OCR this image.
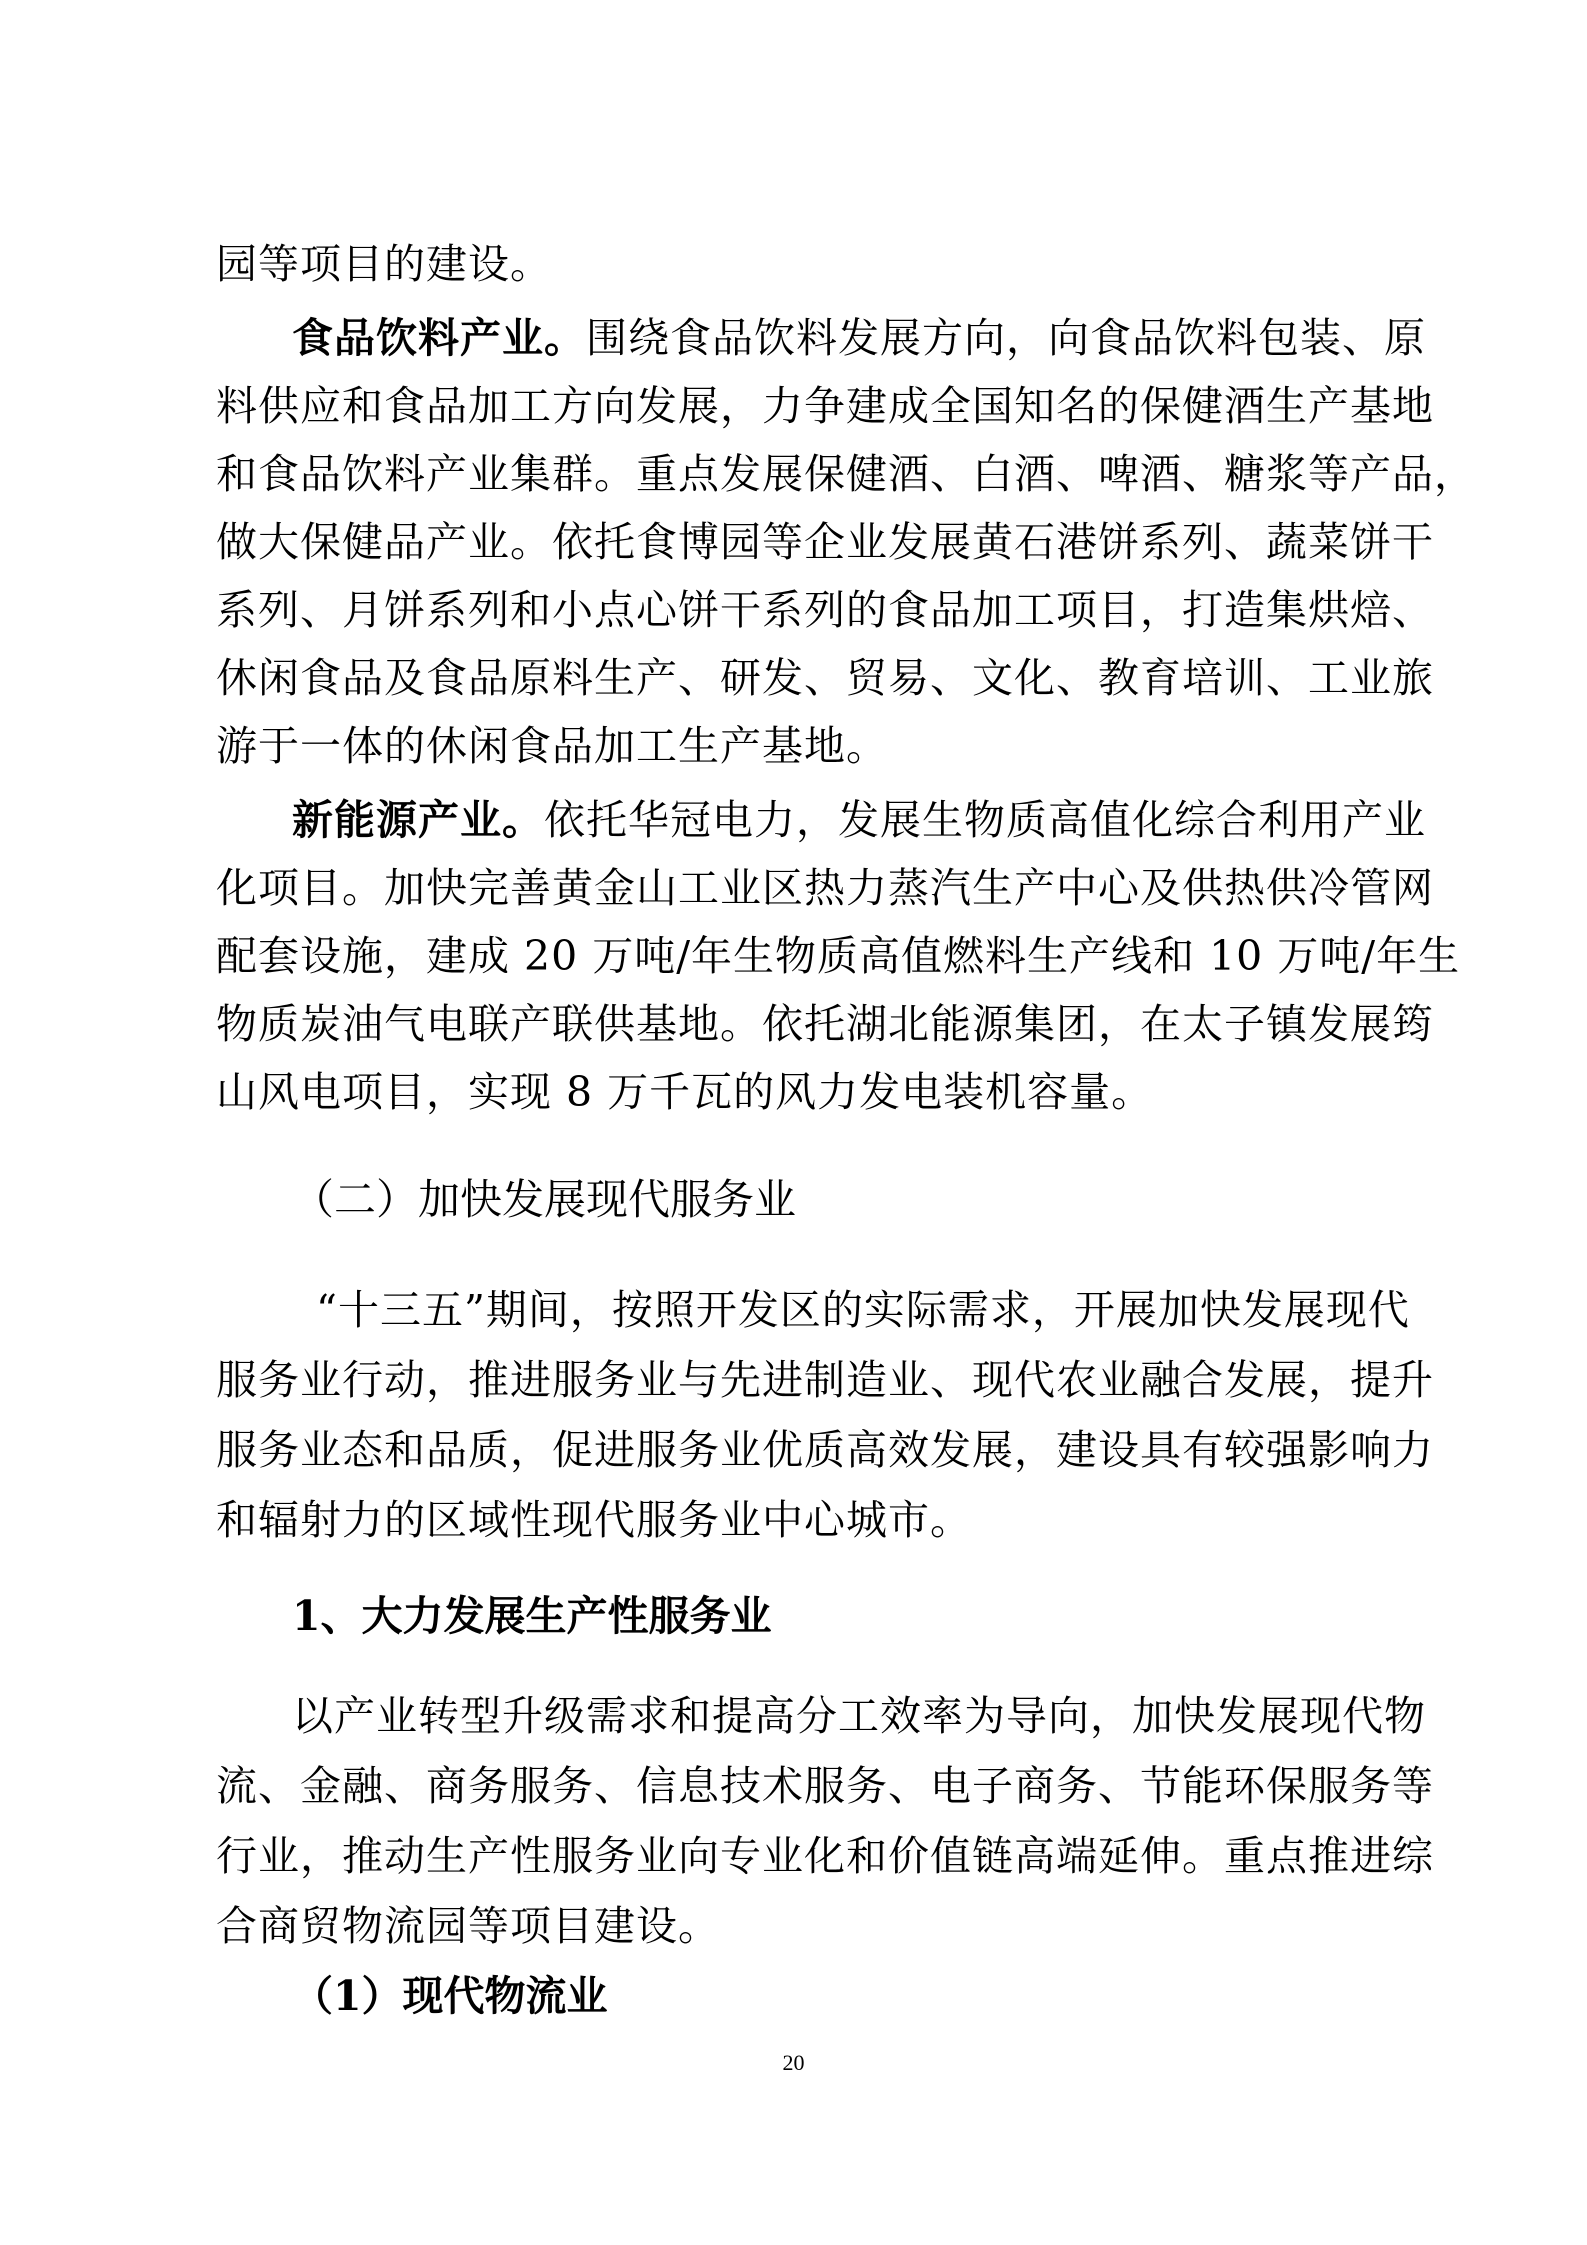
园等项目的建设。
食品饮料产业。围绕食品饮料发展方向，向食品饮料包装、原
料供应和食品加工方向发展，力争建成全国知名的保健酒生产基地
和食品饮料产业集群。重点发展保健酒、白酒、啤酒、糖浆等产品，
做大保健品产业。依托食博园等企业发展黄石港饼系列、蔬菜饼干
系列、月饼系列和小点心饼干系列的食品加工项目，打造集烘焙、
休闲食品及食品原料生产、研发、贸易、文化、教育培训、工业旅
游于一体的休闲食品加工生产基地。
新能源产业。依托华冠电力，发展生物质高值化综合利用产业
化项目。加快完善黄金山工业区热力蒸汽生产中心及供热供冷管网
配套设施，建成 20 万吨/年生物质高值燃料生产线和 10 万吨/年生
物质炭油气电联产联供基地。依托湖北能源集团，在太子镇发展筠
山风电项目，实现 8 万千瓦的风力发电装机容量。
（二）加快发展现代服务业
“十三五”期间，按照开发区的实际需求，开展加快发展现代
服务业行动，推进服务业与先进制造业、现代农业融合发展，提升
服务业态和品质，促进服务业优质高效发展，建设具有较强影响力
和辐射力的区域性现代服务业中心城市。
1、大力发展生产性服务业
以产业转型升级需求和提高分工效率为导向，加快发展现代物
流、金融、商务服务、信息技术服务、电子商务、节能环保服务等
行业，推动生产性服务业向专业化和价值链高端延伸。重点推进综
合商贸物流园等项目建设。
（1）现代物流业
20
